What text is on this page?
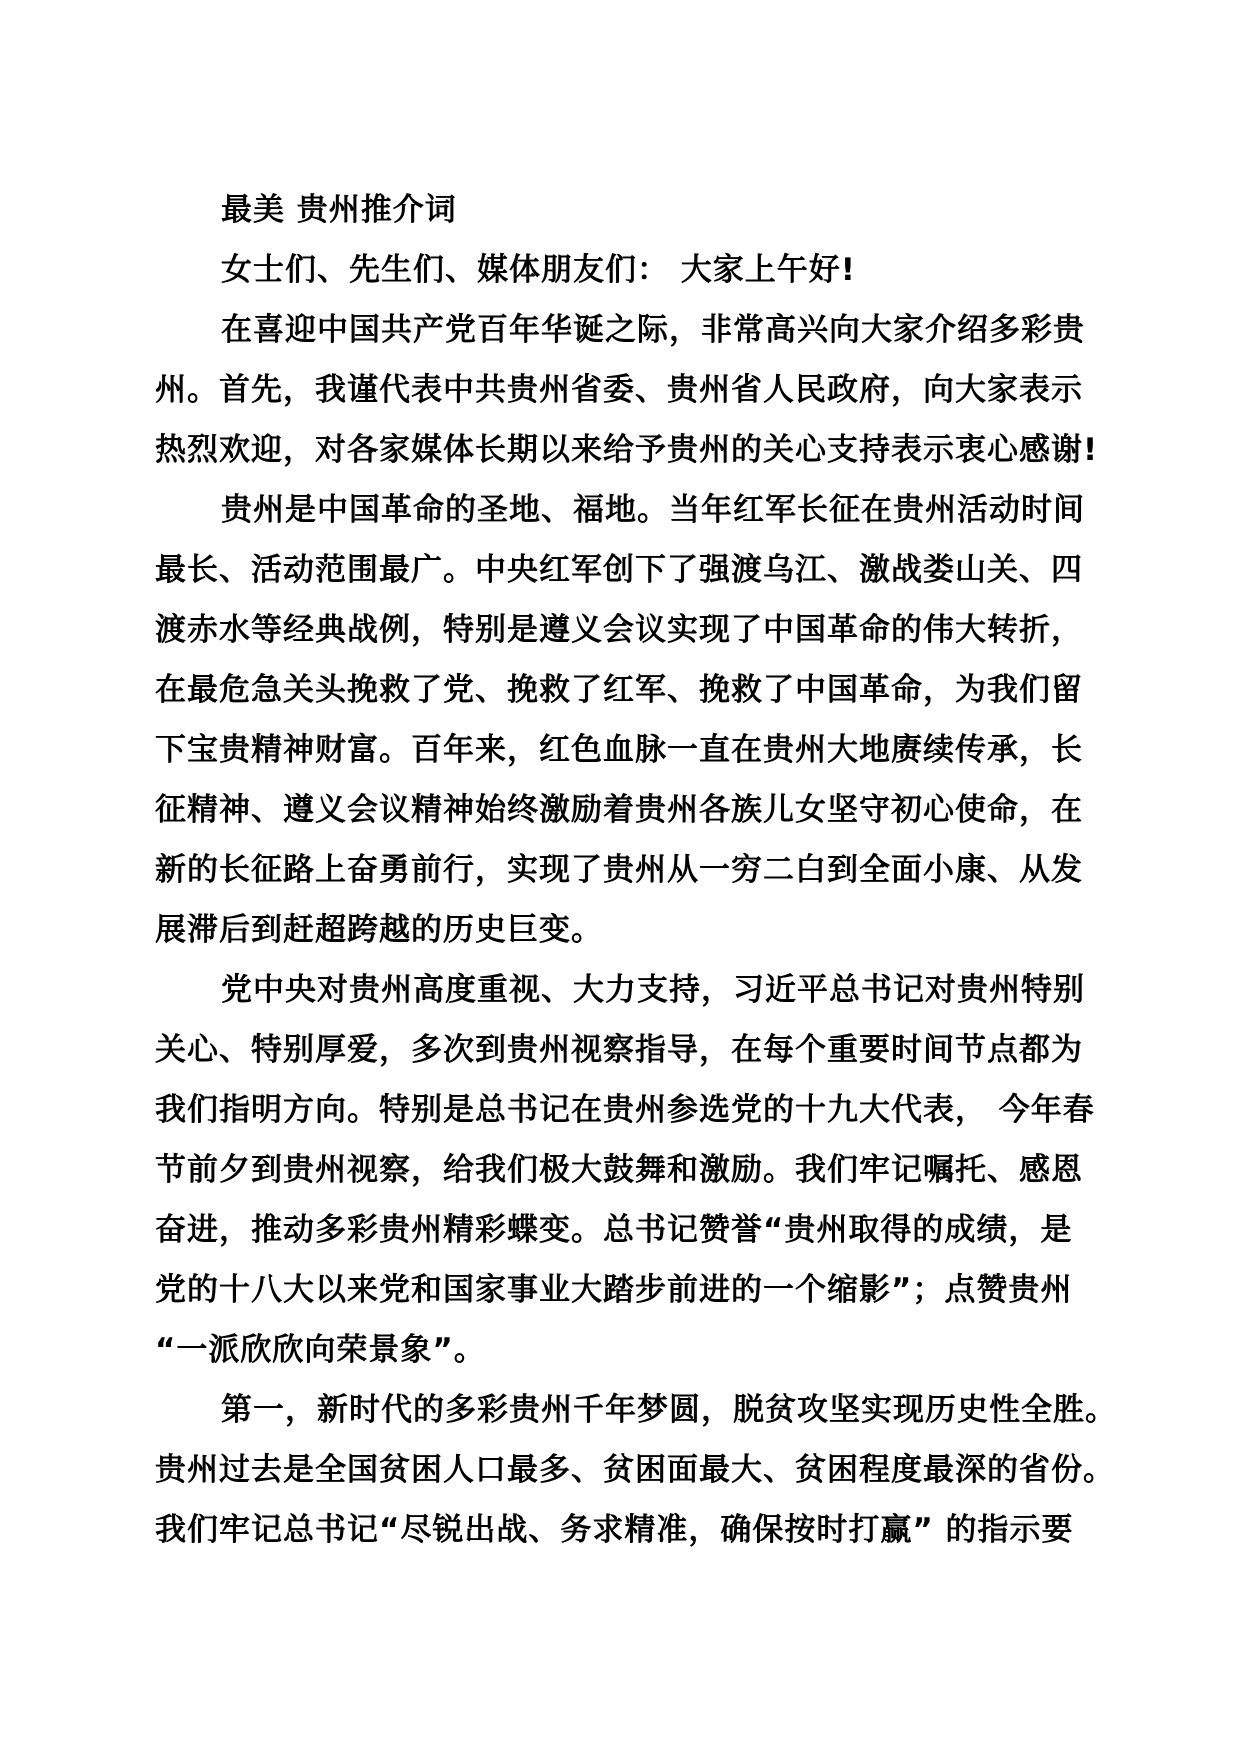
最美 贵州推介词
女士们、先生们、媒体朋友们： 大家上午好!
在喜迎中国共产党百年华诞之际，非常高兴向大家介绍多彩贵
州。首先，我谨代表中共贵州省委、贵州省人民政府，向大家表示
热烈欢迎，对各家媒体长期以来给予贵州的关心支持表示衷心感谢!
贵州是中国革命的圣地、福地。当年红军长征在贵州活动时间
最长、活动范围最广。中央红军创下了强渡乌江、激战娄山关、四
渡赤水等经典战例，特别是遵义会议实现了中国革命的伟大转折，
在最危急关头挽救了党、挽救了红军、挽救了中国革命，为我们留
下宝贵精神财富。百年来，红色血脉一直在贵州大地赓续传承，长
征精神、遵义会议精神始终激励着贵州各族儿女坚守初心使命，在
新的长征路上奋勇前行，实现了贵州从一穷二白到全面小康、从发
展滞后到赶超跨越的历史巨变。
党中央对贵州高度重视、大力支持，习近平总书记对贵州特别
关心、特别厚爱，多次到贵州视察指导，在每个重要时间节点都为
我们指明方向。特别是总书记在贵州参选党的十九大代表， 今年春
节前夕到贵州视察，给我们极大鼓舞和激励。我们牢记嘱托、感恩
奋进，推动多彩贵州精彩蝶变。总书记赞誉“贵州取得的成绩，是
党的十八大以来党和国家事业大踏步前进的一个缩影”；点赞贵州
“一派欣欣向荣景象”。
第一，新时代的多彩贵州千年梦圆，脱贫攻坚实现历史性全胜。
贵州过去是全国贫困人口最多、贫困面最大、贫困程度最深的省份。
我们牢记总书记“尽锐出战、务求精准，确保按时打赢” 的指示要
